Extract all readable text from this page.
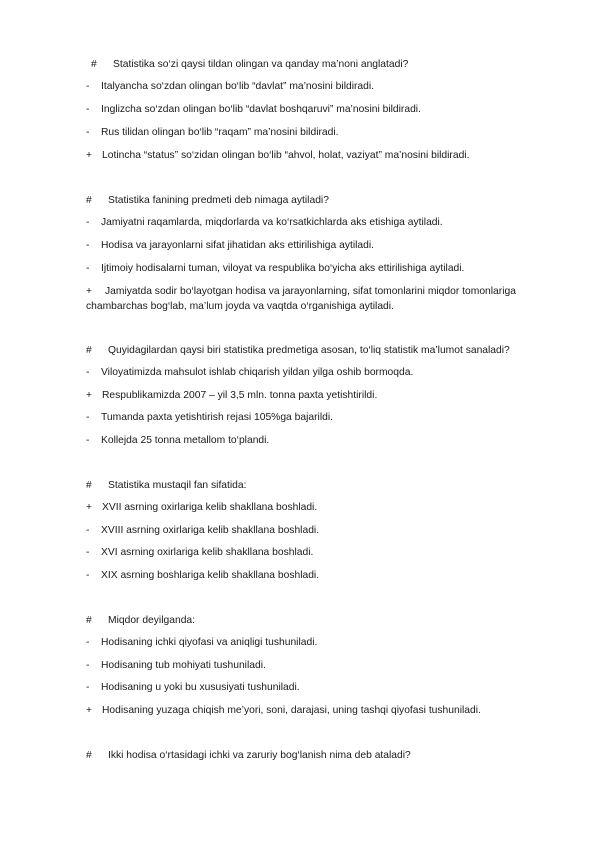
# Statistika so‘zi qaysi tildan olingan va qanday ma’noni anglatadi?
- Italyancha so‘zdan olingan bo‘lib “davlat” ma’nosini bildiradi.
- Inglizcha so‘zdan olingan bo‘lib “davlat boshqaruvi” ma’nosini bildiradi.
- Rus tilidan olingan bo‘lib “raqam” ma’nosini bildiradi.
+ Lotincha “status” so‘zidan olingan bo‘lib “ahvol, holat, vaziyat” ma’nosini bildiradi.
# Statistika fanining predmeti deb nimaga aytiladi?
- Jamiyatni raqamlarda, miqdorlarda va ko‘rsatkichlarda aks etishiga aytiladi.
- Hodisa va jarayonlarni sifat jihatidan aks ettirilishiga aytiladi.
- Ijtimoiy hodisalarni tuman, viloyat va respublika bo‘yicha aks ettirilishiga aytiladi.
+ Jamiyatda sodir bo‘layotgan hodisa va jarayonlarning, sifat tomonlarini miqdor tomonlariga chambarchas bog‘lab, ma’lum joyda va vaqtda o‘rganishiga aytiladi.
# Quyidagilardan qaysi biri statistika predmetiga asosan, to‘liq statistik ma’lumot sanaladi?
- Viloyatimizda mahsulot ishlab chiqarish yildan yilga oshib bormoqda.
+ Respublikamizda 2007 – yil 3,5 mln. tonna paxta yetishtirildi.
- Tumanda paxta yetishtirish rejasi 105%ga bajarildi.
- Kollejda 25 tonna metallom to‘plandi.
# Statistika mustaqil fan sifatida:
+ XVII asrning oxirlariga kelib shakllana boshladi.
- XVIII asrning oxirlariga kelib shakllana boshladi.
- XVI asrning oxirlariga kelib shakllana boshladi.
- XIX asrning boshlariga kelib shakllana boshladi.
# Miqdor deyilganda:
- Hodisaning ichki qiyofasi va aniqligi tushuniladi.
- Hodisaning tub mohiyati tushuniladi.
- Hodisaning u yoki bu xususiyati tushuniladi.
+ Hodisaning yuzaga chiqish me’yori, soni, darajasi, uning tashqi qiyofasi tushuniladi.
# Ikki hodisa o‘rtasidagi ichki va zaruriy bog‘lanish nima deb ataladi?
